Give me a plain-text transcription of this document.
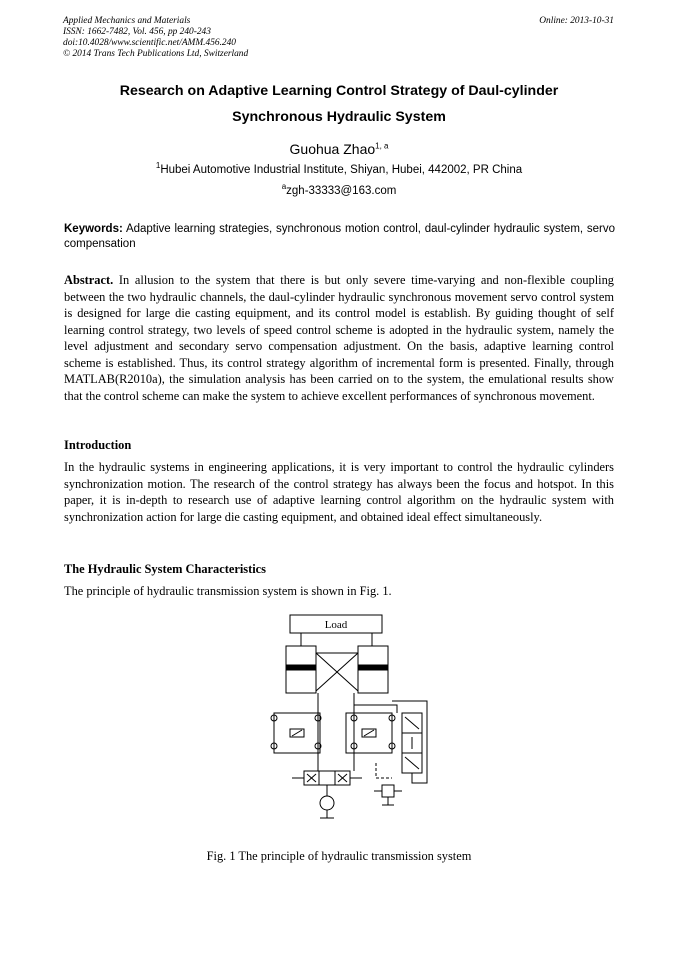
Applied Mechanics and Materials
ISSN: 1662-7482, Vol. 456, pp 240-243
doi:10.4028/www.scientific.net/AMM.456.240
© 2014 Trans Tech Publications Ltd, Switzerland
Online: 2013-10-31
Research on Adaptive Learning Control Strategy of Daul-cylinder
Synchronous Hydraulic System
Guohua Zhao$^{1, a}$
$^1$Hubei Automotive Industrial Institute, Shiyan, Hubei, 442002, PR China
$^a$zgh-33333@163.com
Keywords: Adaptive learning strategies, synchronous motion control, daul-cylinder hydraulic system, servo compensation
Abstract. In allusion to the system that there is but only severe time-varying and non-flexible coupling between the two hydraulic channels, the daul-cylinder hydraulic synchronous movement servo control system is designed for large die casting equipment, and its control model is establish. By guiding thought of self learning control strategy, two levels of speed control scheme is adopted in the hydraulic system, namely the level adjustment and secondary servo compensation adjustment. On the basis, adaptive learning control scheme is established. Thus, its control strategy algorithm of incremental form is presented. Finally, through MATLAB(R2010a), the simulation analysis has been carried on to the system, the emulational results show that the control scheme can make the system to achieve excellent performances of synchronous movement.
Introduction
In the hydraulic systems in engineering applications, it is very important to control the hydraulic cylinders synchronization motion. The research of the control strategy has always been the focus and hotspot. In this paper, it is in-depth to research use of adaptive learning control algorithm on the hydraulic system with synchronization action for large die casting equipment, and obtained ideal effect simultaneously.
The Hydraulic System Characteristics
The principle of hydraulic transmission system is shown in Fig. 1.
Load
Fig. 1 The principle of hydraulic transmission system
